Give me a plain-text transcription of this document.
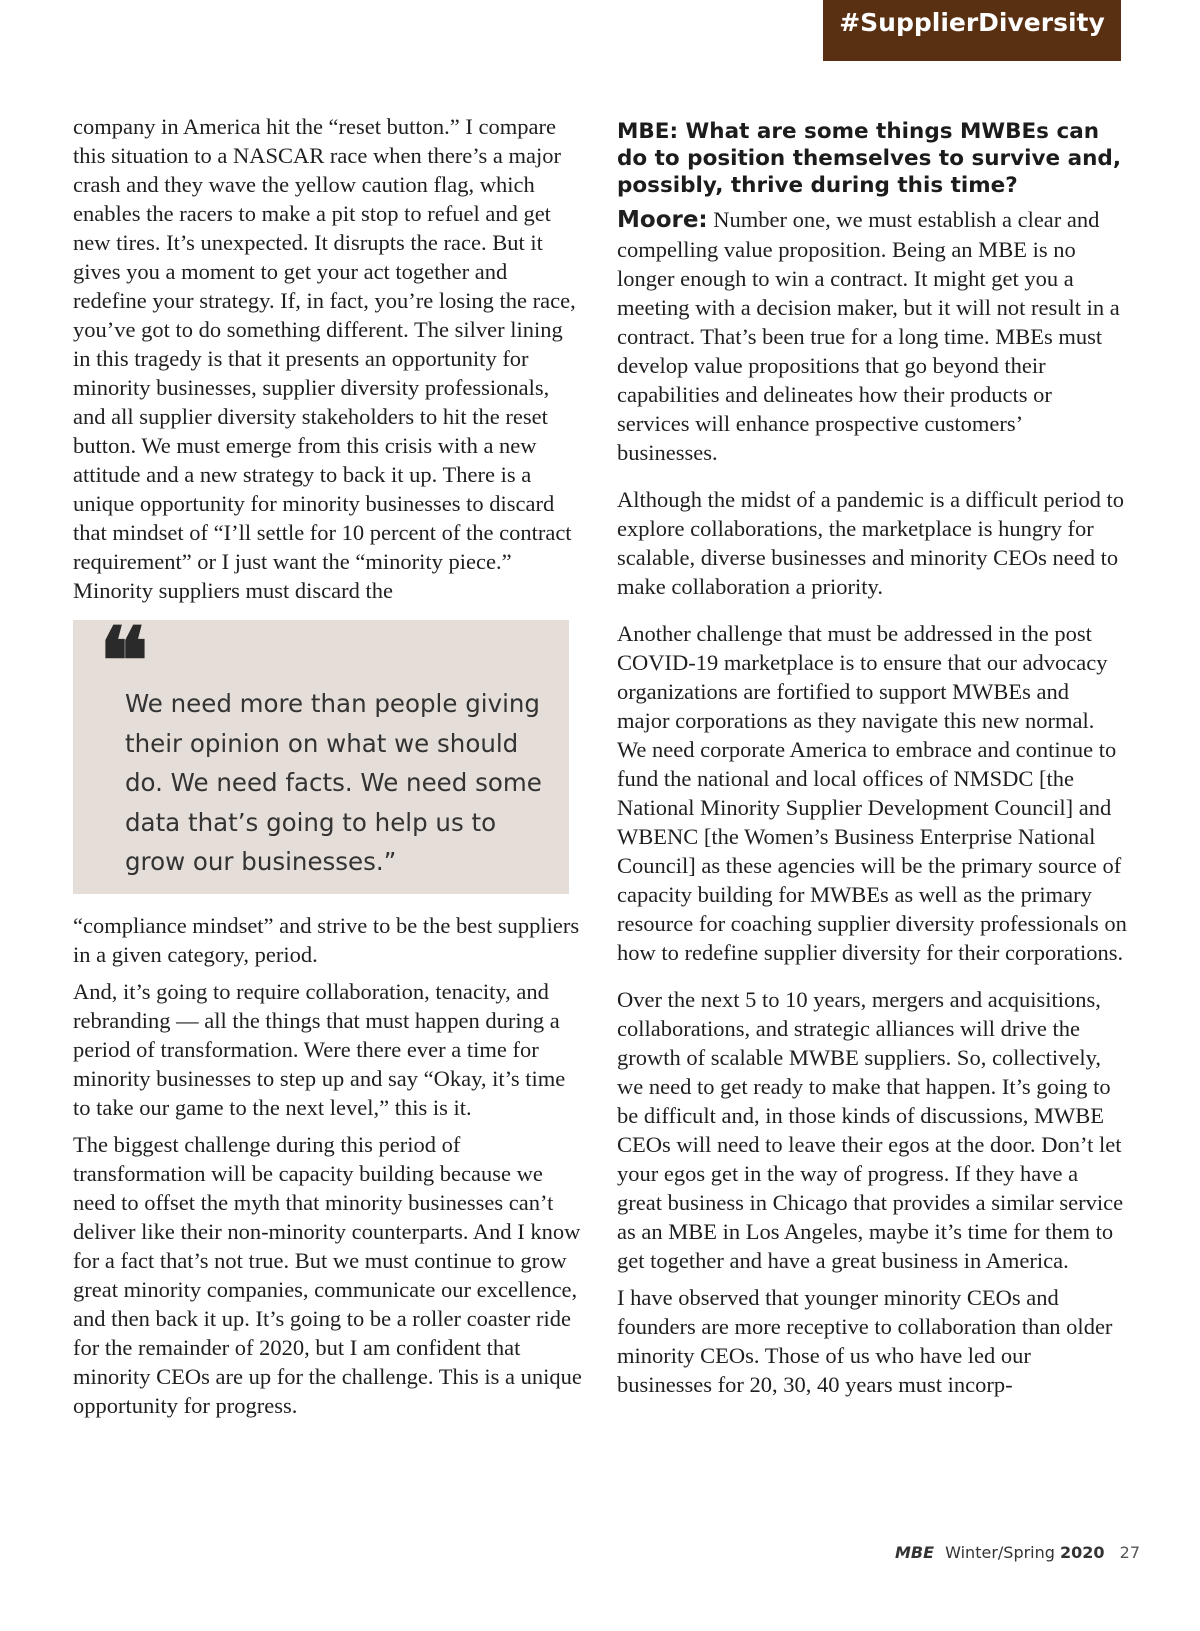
#SupplierDiversity

company in America hit the “reset button.” I compare this situation to a NASCAR race when there’s a major crash and they wave the yellow caution flag, which enables the racers to make a pit stop to refuel and get new tires. It’s unexpected. It disrupts the race. But it gives you a moment to get your act together and redefine your strategy. If, in fact, you’re losing the race, you’ve got to do something different. The silver lining in this tragedy is that it presents an opportunity for minority businesses, supplier diversity professionals, and all supplier diversity stakeholders to hit the reset button. We must emerge from this crisis with a new attitude and a new strategy to back it up. There is a unique opportunity for minority businesses to discard that mindset of “I’ll settle for 10 percent of the contract requirement” or I just want the “minority piece.” Minority suppliers must discard the

❝

We need more than people giving their opinion on what we should do. We need facts. We need some data that’s going to help us to grow our businesses.”

“compliance mindset” and strive to be the best suppliers in a given category, period.

And, it’s going to require collaboration, tenacity, and rebranding — all the things that must happen during a period of transformation. Were there ever a time for minority businesses to step up and say “Okay, it’s time to take our game to the next level,” this is it.

The biggest challenge during this period of transformation will be capacity building because we need to offset the myth that minority businesses can’t deliver like their non-minority counterparts. And I know for a fact that’s not true. But we must continue to grow great minority companies, communicate our excellence, and then back it up. It’s going to be a roller coaster ride for the remainder of 2020, but I am confident that minority CEOs are up for the challenge. This is a unique opportunity for progress.

MBE: What are some things MWBEs can do to position themselves to survive and, possibly, thrive during this time?

Moore: Number one, we must establish a clear and compelling value proposition. Being an MBE is no longer enough to win a contract. It might get you a meeting with a decision maker, but it will not result in a contract. That’s been true for a long time. MBEs must develop value propositions that go beyond their capabilities and delineates how their products or services will enhance prospective customers’ businesses.

Although the midst of a pandemic is a difficult period to explore collaborations, the marketplace is hungry for scalable, diverse businesses and minority CEOs need to make collaboration a priority.

Another challenge that must be addressed in the post COVID-19 marketplace is to ensure that our advocacy organizations are fortified to support MWBEs and major corporations as they navigate this new normal. We need corporate America to embrace and continue to fund the national and local offices of NMSDC [the National Minority Supplier Development Council] and WBENC [the Women’s Business Enterprise National Council] as these agencies will be the primary source of capacity building for MWBEs as well as the primary resource for coaching supplier diversity professionals on how to redefine supplier diversity for their corporations.

Over the next 5 to 10 years, mergers and acquisitions, collaborations, and strategic alliances will drive the growth of scalable MWBE suppliers. So, collectively, we need to get ready to make that happen. It’s going to be difficult and, in those kinds of discussions, MWBE CEOs will need to leave their egos at the door. Don’t let your egos get in the way of progress. If they have a great business in Chicago that provides a similar service as an MBE in Los Angeles, maybe it’s time for them to get together and have a great business in America.

I have observed that younger minority CEOs and founders are more receptive to collaboration than older minority CEOs. Those of us who have led our businesses for 20, 30, 40 years must incorp-

MBE Winter/Spring 2020 27
